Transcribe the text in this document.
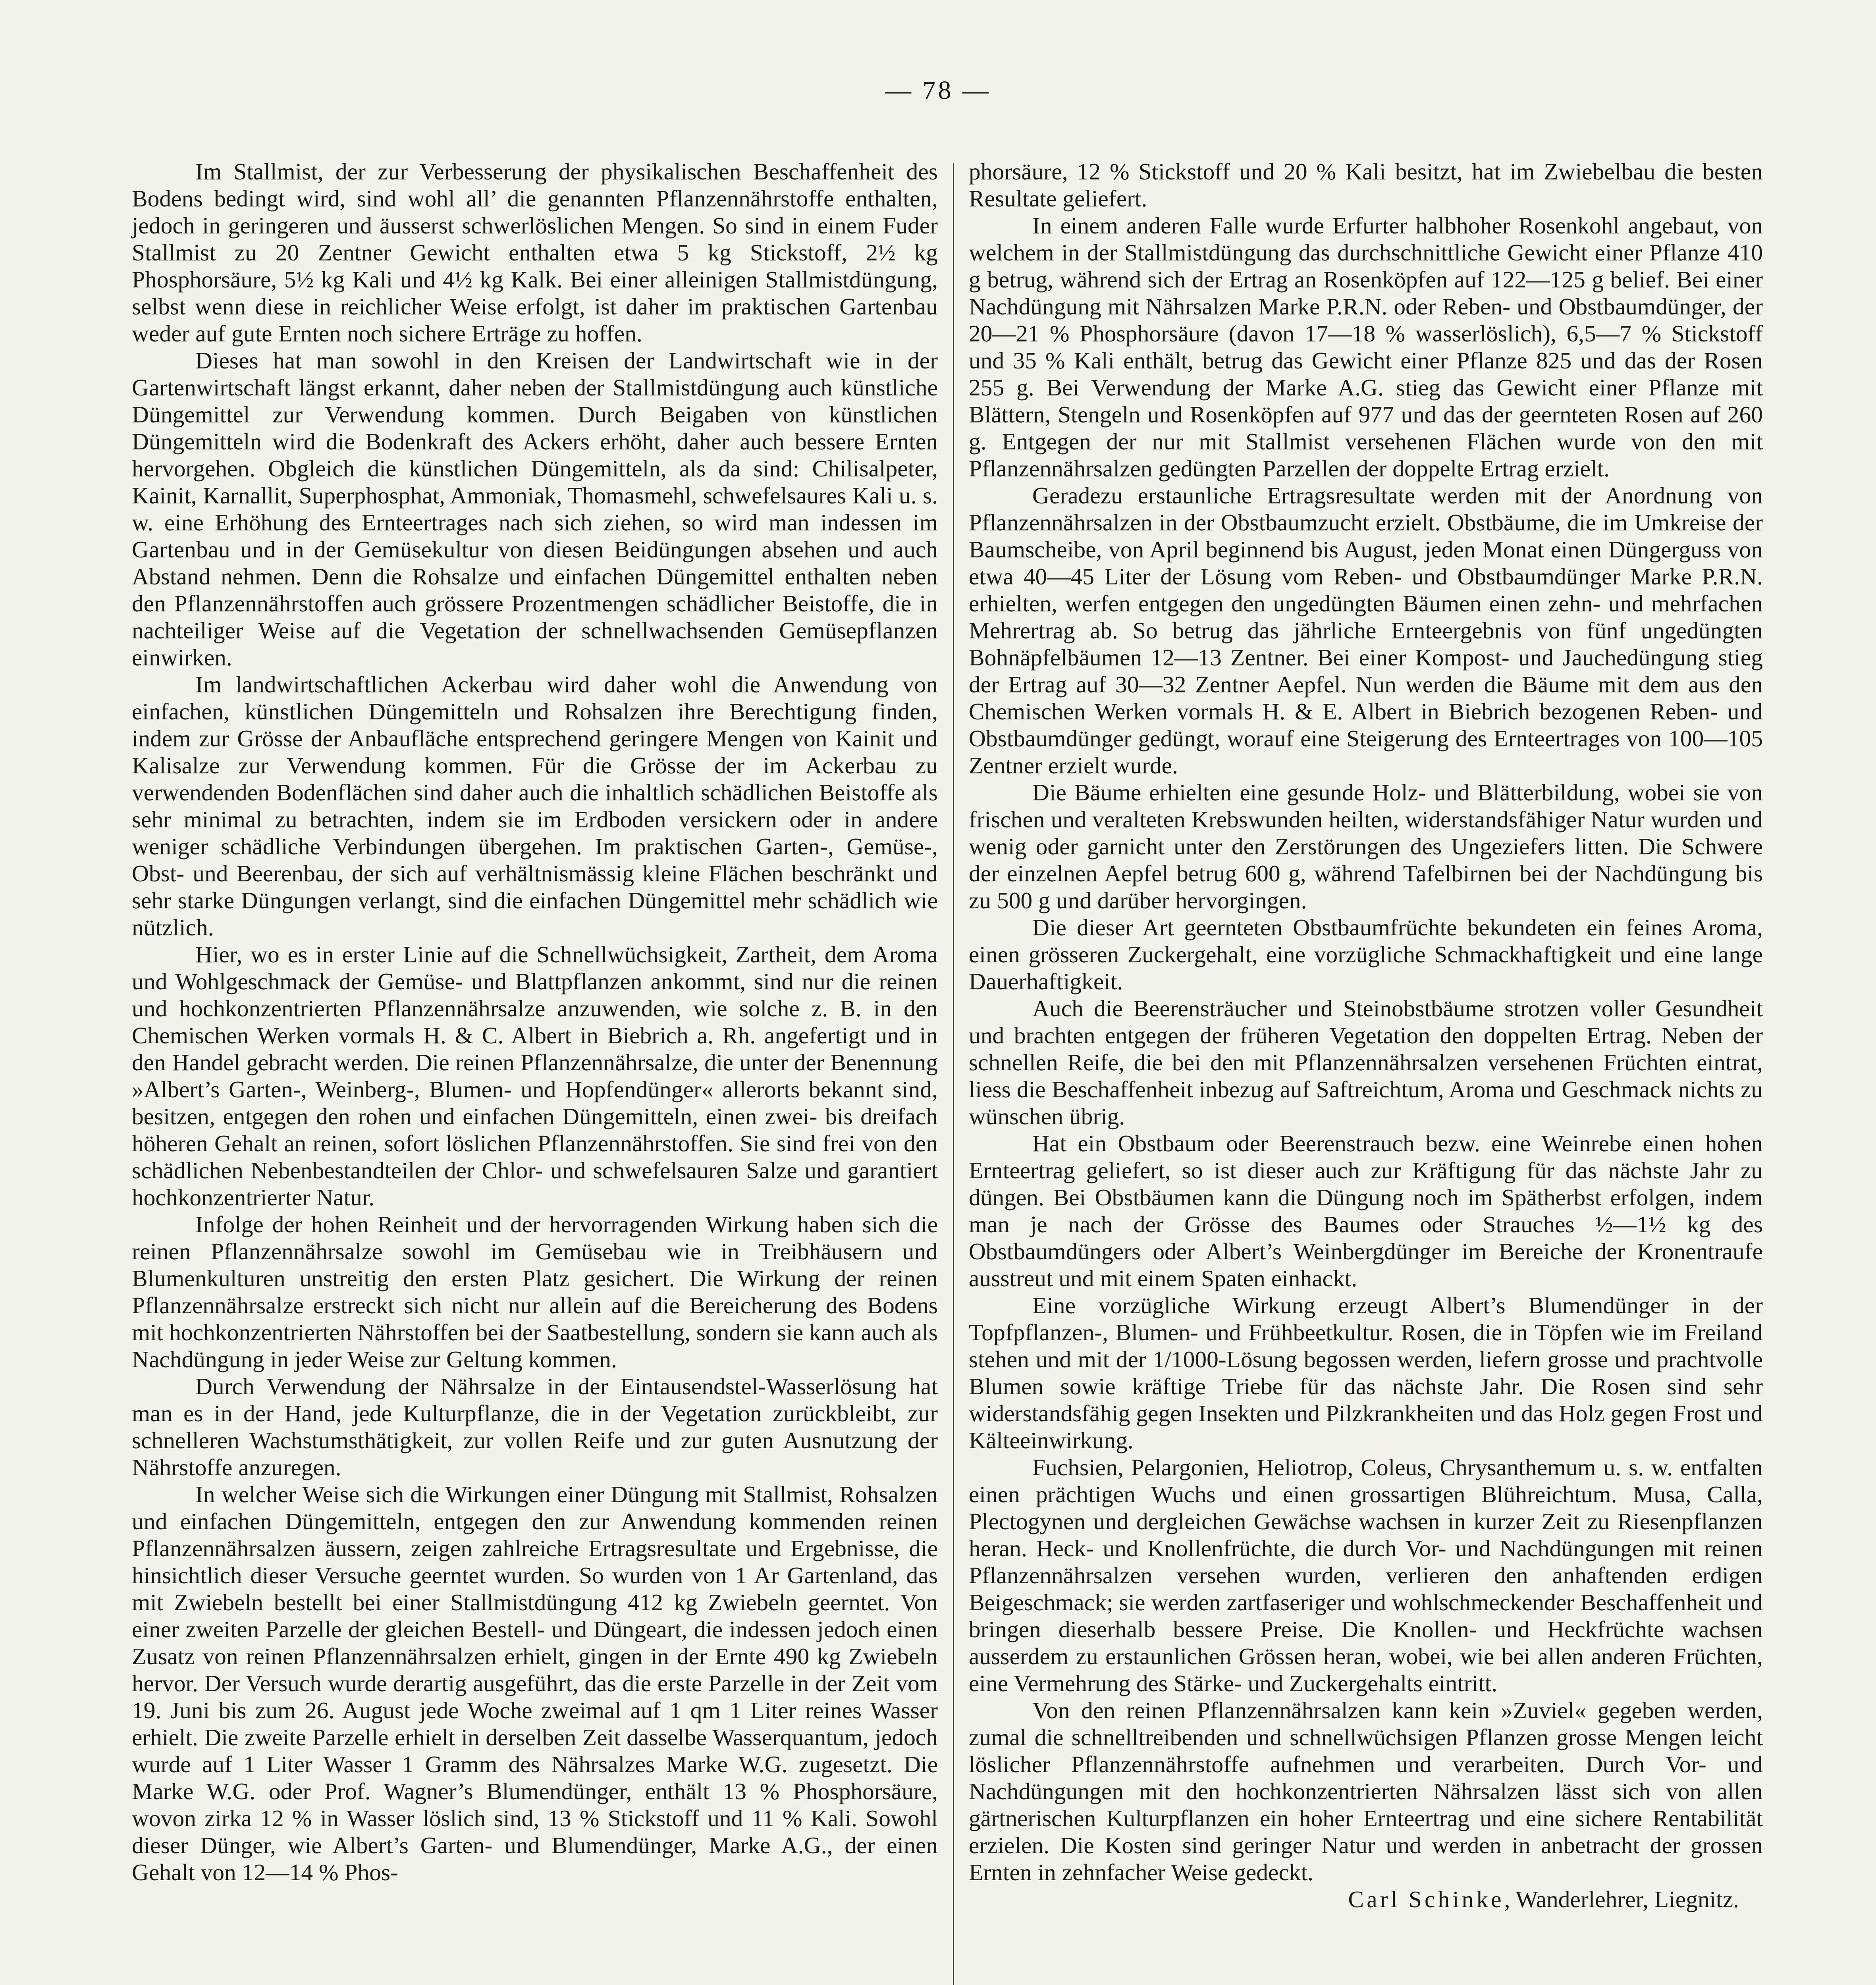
— 78 —

Im Stallmist, der zur Verbesserung der physikalischen Beschaffenheit des Bodens bedingt wird, sind wohl all’ die genannten Pflanzennährstoffe enthalten, jedoch in geringeren und äusserst schwerlöslichen Mengen. So sind in einem Fuder Stallmist zu 20 Zentner Gewicht enthalten etwa 5 kg Stickstoff, 2½ kg Phosphorsäure, 5½ kg Kali und 4½ kg Kalk. Bei einer alleinigen Stallmistdüngung, selbst wenn diese in reichlicher Weise erfolgt, ist daher im praktischen Gartenbau weder auf gute Ernten noch sichere Erträge zu hoffen.

Dieses hat man sowohl in den Kreisen der Landwirtschaft wie in der Gartenwirtschaft längst erkannt, daher neben der Stallmistdüngung auch künstliche Düngemittel zur Verwendung kommen. Durch Beigaben von künstlichen Düngemitteln wird die Bodenkraft des Ackers erhöht, daher auch bessere Ernten hervorgehen. Obgleich die künstlichen Düngemitteln, als da sind: Chilisalpeter, Kainit, Karnallit, Superphosphat, Ammoniak, Thomasmehl, schwefelsaures Kali u. s. w. eine Erhöhung des Ernteertrages nach sich ziehen, so wird man indessen im Gartenbau und in der Gemüsekultur von diesen Beidüngungen absehen und auch Abstand nehmen. Denn die Rohsalze und einfachen Düngemittel enthalten neben den Pflanzennährstoffen auch grössere Prozentmengen schädlicher Beistoffe, die in nachteiliger Weise auf die Vegetation der schnellwachsenden Gemüsepflanzen einwirken.

Im landwirtschaftlichen Ackerbau wird daher wohl die Anwendung von einfachen, künstlichen Düngemitteln und Rohsalzen ihre Berechtigung finden, indem zur Grösse der Anbaufläche entsprechend geringere Mengen von Kainit und Kalisalze zur Verwendung kommen. Für die Grösse der im Ackerbau zu verwendenden Bodenflächen sind daher auch die inhaltlich schädlichen Beistoffe als sehr minimal zu betrachten, indem sie im Erdboden versickern oder in andere weniger schädliche Verbindungen übergehen. Im praktischen Garten-, Gemüse-, Obst- und Beerenbau, der sich auf verhältnismässig kleine Flächen beschränkt und sehr starke Düngungen verlangt, sind die einfachen Düngemittel mehr schädlich wie nützlich.

Hier, wo es in erster Linie auf die Schnellwüchsigkeit, Zartheit, dem Aroma und Wohlgeschmack der Gemüse- und Blattpflanzen ankommt, sind nur die reinen und hochkonzentrierten Pflanzennährsalze anzuwenden, wie solche z. B. in den Chemischen Werken vormals H. & C. Albert in Biebrich a. Rh. angefertigt und in den Handel gebracht werden. Die reinen Pflanzennährsalze, die unter der Benennung »Albert’s Garten-, Weinberg-, Blumen- und Hopfendünger« allerorts bekannt sind, besitzen, entgegen den rohen und einfachen Düngemitteln, einen zwei- bis dreifach höheren Gehalt an reinen, sofort löslichen Pflanzennährstoffen. Sie sind frei von den schädlichen Nebenbestandteilen der Chlor- und schwefelsauren Salze und garantiert hochkonzentrierter Natur.

Infolge der hohen Reinheit und der hervorragenden Wirkung haben sich die reinen Pflanzennährsalze sowohl im Gemüsebau wie in Treibhäusern und Blumenkulturen unstreitig den ersten Platz gesichert. Die Wirkung der reinen Pflanzennährsalze erstreckt sich nicht nur allein auf die Bereicherung des Bodens mit hochkonzentrierten Nährstoffen bei der Saatbestellung, sondern sie kann auch als Nachdüngung in jeder Weise zur Geltung kommen.

Durch Verwendung der Nährsalze in der Eintausendstel-Wasserlösung hat man es in der Hand, jede Kulturpflanze, die in der Vegetation zurückbleibt, zur schnelleren Wachstumsthätigkeit, zur vollen Reife und zur guten Ausnutzung der Nährstoffe anzuregen.

In welcher Weise sich die Wirkungen einer Düngung mit Stallmist, Rohsalzen und einfachen Düngemitteln, entgegen den zur Anwendung kommenden reinen Pflanzennährsalzen äussern, zeigen zahlreiche Ertragsresultate und Ergebnisse, die hinsichtlich dieser Versuche geerntet wurden. So wurden von 1 Ar Gartenland, das mit Zwiebeln bestellt bei einer Stallmistdüngung 412 kg Zwiebeln geerntet. Von einer zweiten Parzelle der gleichen Bestell- und Düngeart, die indessen jedoch einen Zusatz von reinen Pflanzennährsalzen erhielt, gingen in der Ernte 490 kg Zwiebeln hervor. Der Versuch wurde derartig ausgeführt, das die erste Parzelle in der Zeit vom 19. Juni bis zum 26. August jede Woche zweimal auf 1 qm 1 Liter reines Wasser erhielt. Die zweite Parzelle erhielt in derselben Zeit dasselbe Wasserquantum, jedoch wurde auf 1 Liter Wasser 1 Gramm des Nährsalzes Marke W.G. zugesetzt. Die Marke W.G. oder Prof. Wagner’s Blumendünger, enthält 13 % Phosphorsäure, wovon zirka 12 % in Wasser löslich sind, 13 % Stickstoff und 11 % Kali. Sowohl dieser Dünger, wie Albert’s Garten- und Blumendünger, Marke A.G., der einen Gehalt von 12—14 % Phos-

phorsäure, 12 % Stickstoff und 20 % Kali besitzt, hat im Zwiebelbau die besten Resultate geliefert.

In einem anderen Falle wurde Erfurter halbhoher Rosenkohl angebaut, von welchem in der Stallmistdüngung das durchschnittliche Gewicht einer Pflanze 410 g betrug, während sich der Ertrag an Rosenköpfen auf 122—125 g belief. Bei einer Nachdüngung mit Nährsalzen Marke P.R.N. oder Reben- und Obstbaumdünger, der 20—21 % Phosphorsäure (davon 17—18 % wasserlöslich), 6,5—7 % Stickstoff und 35 % Kali enthält, betrug das Gewicht einer Pflanze 825 und das der Rosen 255 g. Bei Verwendung der Marke A.G. stieg das Gewicht einer Pflanze mit Blättern, Stengeln und Rosenköpfen auf 977 und das der geernteten Rosen auf 260 g. Entgegen der nur mit Stallmist versehenen Flächen wurde von den mit Pflanzennährsalzen gedüngten Parzellen der doppelte Ertrag erzielt.

Geradezu erstaunliche Ertragsresultate werden mit der Anordnung von Pflanzennährsalzen in der Obstbaumzucht erzielt. Obstbäume, die im Umkreise der Baumscheibe, von April beginnend bis August, jeden Monat einen Düngerguss von etwa 40—45 Liter der Lösung vom Reben- und Obstbaumdünger Marke P.R.N. erhielten, werfen entgegen den ungedüngten Bäumen einen zehn- und mehrfachen Mehrertrag ab. So betrug das jährliche Ernteergebnis von fünf ungedüngten Bohnäpfelbäumen 12—13 Zentner. Bei einer Kompost- und Jauchedüngung stieg der Ertrag auf 30—32 Zentner Aepfel. Nun werden die Bäume mit dem aus den Chemischen Werken vormals H. & E. Albert in Biebrich bezogenen Reben- und Obstbaumdünger gedüngt, worauf eine Steigerung des Ernteertrages von 100—105 Zentner erzielt wurde.

Die Bäume erhielten eine gesunde Holz- und Blätterbildung, wobei sie von frischen und veralteten Krebswunden heilten, widerstandsfähiger Natur wurden und wenig oder garnicht unter den Zerstörungen des Ungeziefers litten. Die Schwere der einzelnen Aepfel betrug 600 g, während Tafelbirnen bei der Nachdüngung bis zu 500 g und darüber hervorgingen.

Die dieser Art geernteten Obstbaumfrüchte bekundeten ein feines Aroma, einen grösseren Zuckergehalt, eine vorzügliche Schmackhaftigkeit und eine lange Dauerhaftigkeit.

Auch die Beerensträucher und Steinobstbäume strotzen voller Gesundheit und brachten entgegen der früheren Vegetation den doppelten Ertrag. Neben der schnellen Reife, die bei den mit Pflanzennährsalzen versehenen Früchten eintrat, liess die Beschaffenheit inbezug auf Saftreichtum, Aroma und Geschmack nichts zu wünschen übrig.

Hat ein Obstbaum oder Beerenstrauch bezw. eine Weinrebe einen hohen Ernteertrag geliefert, so ist dieser auch zur Kräftigung für das nächste Jahr zu düngen. Bei Obstbäumen kann die Düngung noch im Spätherbst erfolgen, indem man je nach der Grösse des Baumes oder Strauches ½—1½ kg des Obstbaumdüngers oder Albert’s Weinbergdünger im Bereiche der Kronentraufe ausstreut und mit einem Spaten einhackt.

Eine vorzügliche Wirkung erzeugt Albert’s Blumendünger in der Topfpflanzen-, Blumen- und Frühbeetkultur. Rosen, die in Töpfen wie im Freiland stehen und mit der 1/1000-Lösung begossen werden, liefern grosse und prachtvolle Blumen sowie kräftige Triebe für das nächste Jahr. Die Rosen sind sehr widerstandsfähig gegen Insekten und Pilzkrankheiten und das Holz gegen Frost und Kälteeinwirkung.

Fuchsien, Pelargonien, Heliotrop, Coleus, Chrysanthemum u. s. w. entfalten einen prächtigen Wuchs und einen grossartigen Blühreichtum. Musa, Calla, Plectogynen und dergleichen Gewächse wachsen in kurzer Zeit zu Riesenpflanzen heran. Heck- und Knollenfrüchte, die durch Vor- und Nachdüngungen mit reinen Pflanzennährsalzen versehen wurden, verlieren den anhaftenden erdigen Beigeschmack; sie werden zartfaseriger und wohlschmeckender Beschaffenheit und bringen dieserhalb bessere Preise. Die Knollen- und Heckfrüchte wachsen ausserdem zu erstaunlichen Grössen heran, wobei, wie bei allen anderen Früchten, eine Vermehrung des Stärke- und Zuckergehalts eintritt.

Von den reinen Pflanzennährsalzen kann kein »Zuviel« gegeben werden, zumal die schnelltreibenden und schnellwüchsigen Pflanzen grosse Mengen leicht löslicher Pflanzennährstoffe aufnehmen und verarbeiten. Durch Vor- und Nachdüngungen mit den hochkonzentrierten Nährsalzen lässt sich von allen gärtnerischen Kulturpflanzen ein hoher Ernteertrag und eine sichere Rentabilität erzielen. Die Kosten sind geringer Natur und werden in anbetracht der grossen Ernten in zehnfacher Weise gedeckt.

Carl Schinke, Wanderlehrer, Liegnitz.
